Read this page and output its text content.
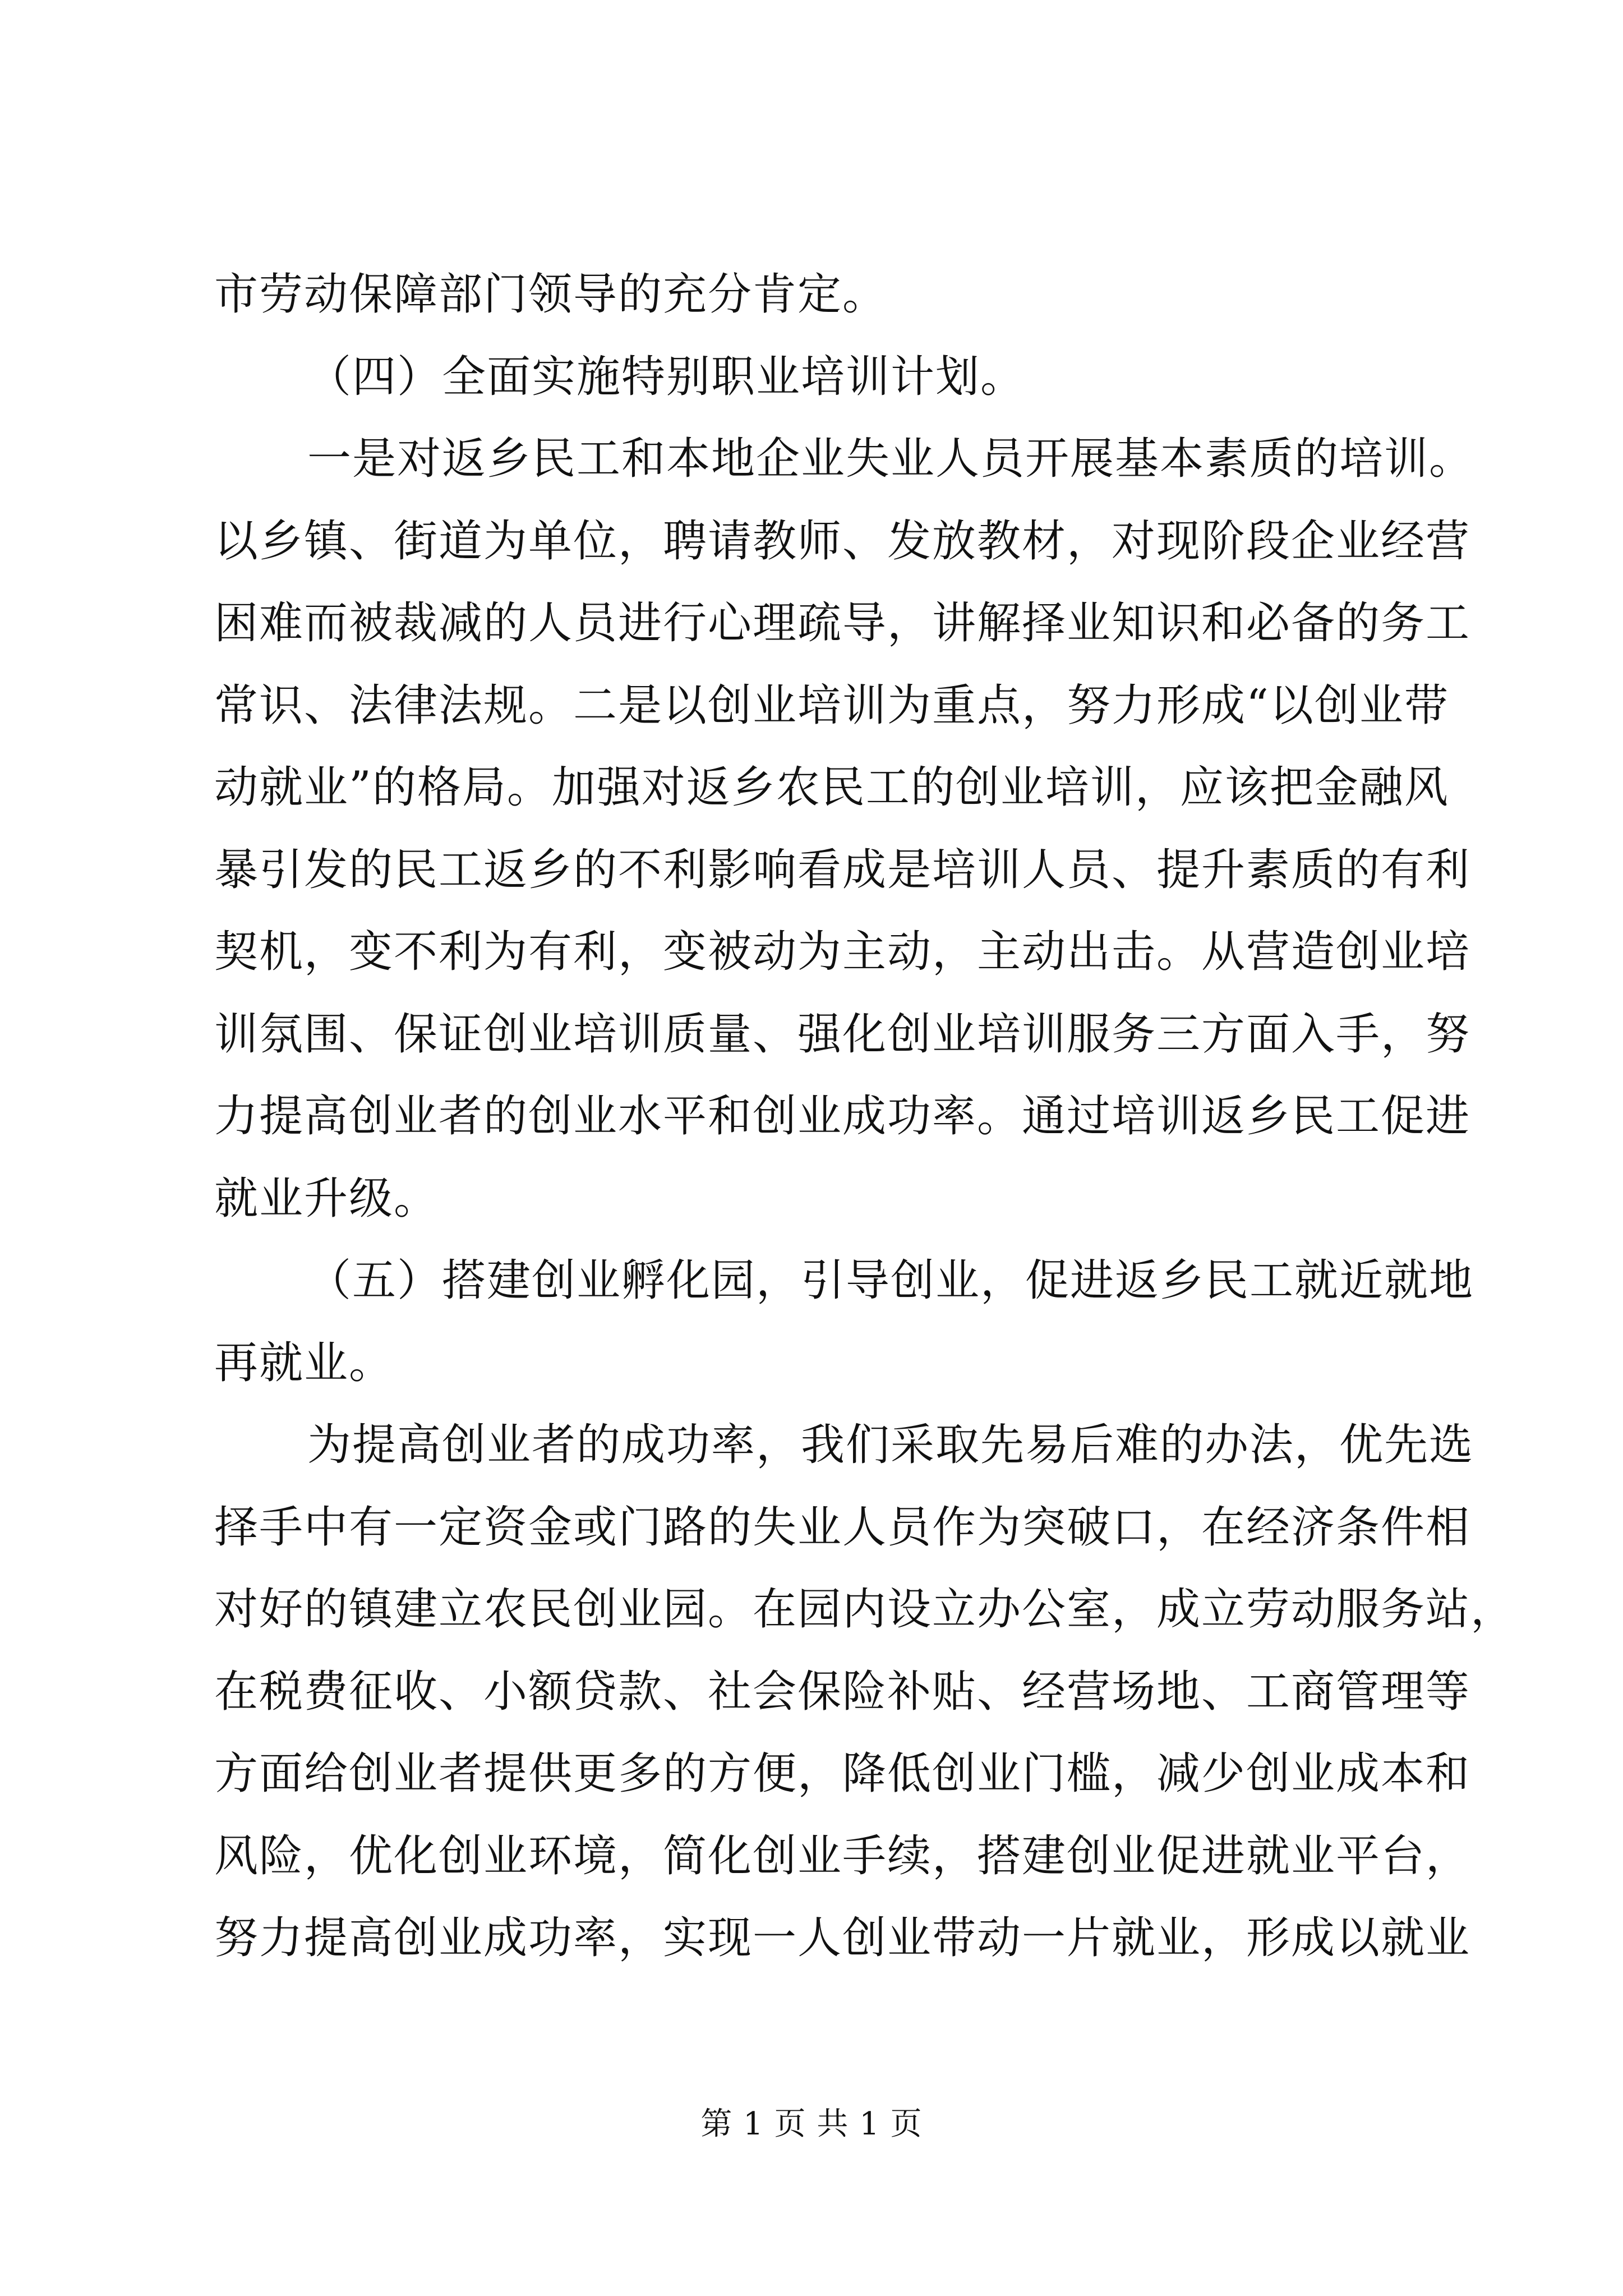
市劳动保障部门领导的充分肯定。
（四）全面实施特别职业培训计划。
一是对返乡民工和本地企业失业人员开展基本素质的培训。
以乡镇、街道为单位，聘请教师、发放教材，对现阶段企业经营
困难而被裁减的人员进行心理疏导，讲解择业知识和必备的务工
常识、法律法规。二是以创业培训为重点，努力形成“以创业带
动就业”的格局。加强对返乡农民工的创业培训，应该把金融风
暴引发的民工返乡的不利影响看成是培训人员、提升素质的有利
契机，变不利为有利，变被动为主动，主动出击。从营造创业培
训氛围、保证创业培训质量、强化创业培训服务三方面入手，努
力提高创业者的创业水平和创业成功率。通过培训返乡民工促进
就业升级。
（五）搭建创业孵化园，引导创业，促进返乡民工就近就地
再就业。
为提高创业者的成功率，我们采取先易后难的办法，优先选
择手中有一定资金或门路的失业人员作为突破口，在经济条件相
对好的镇建立农民创业园。在园内设立办公室，成立劳动服务站，
在税费征收、小额贷款、社会保险补贴、经营场地、工商管理等
方面给创业者提供更多的方便，降低创业门槛，减少创业成本和
风险，优化创业环境，简化创业手续，搭建创业促进就业平台，
努力提高创业成功率，实现一人创业带动一片就业，形成以就业
第 1 页 共 1 页
